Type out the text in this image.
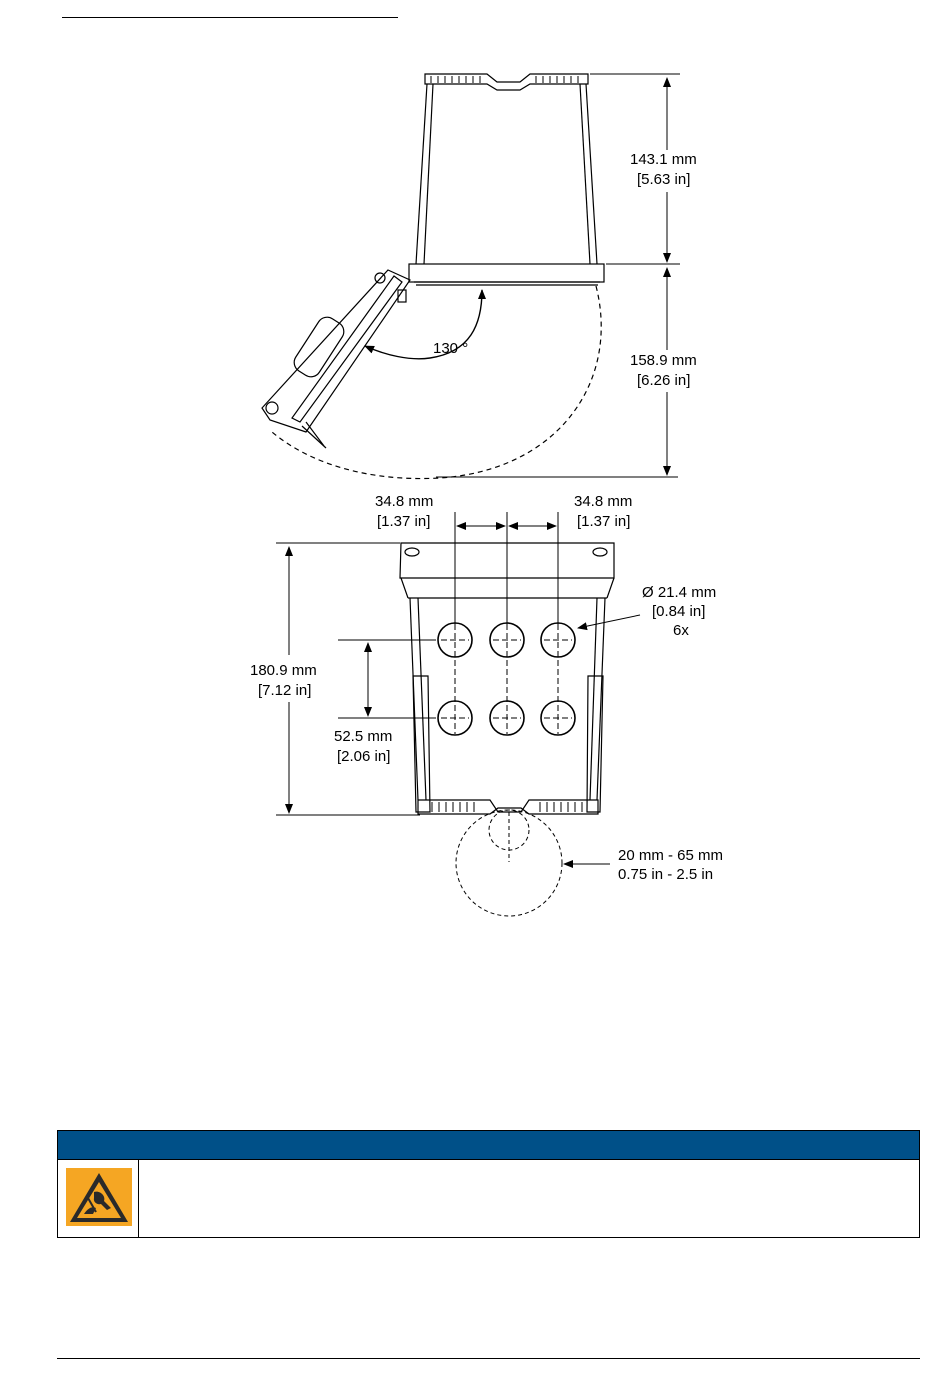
130 °
143.1 mm
[5.63 in]
158.9 mm
[6.26 in]
34.8 mm
[1.37 in]
34.8 mm
[1.37 in]
Ø 21.4 mm
[0.84 in]
6x
180.9 mm
[7.12 in]
52.5 mm
[2.06 in]
20 mm - 65 mm
0.75 in - 2.5 in
